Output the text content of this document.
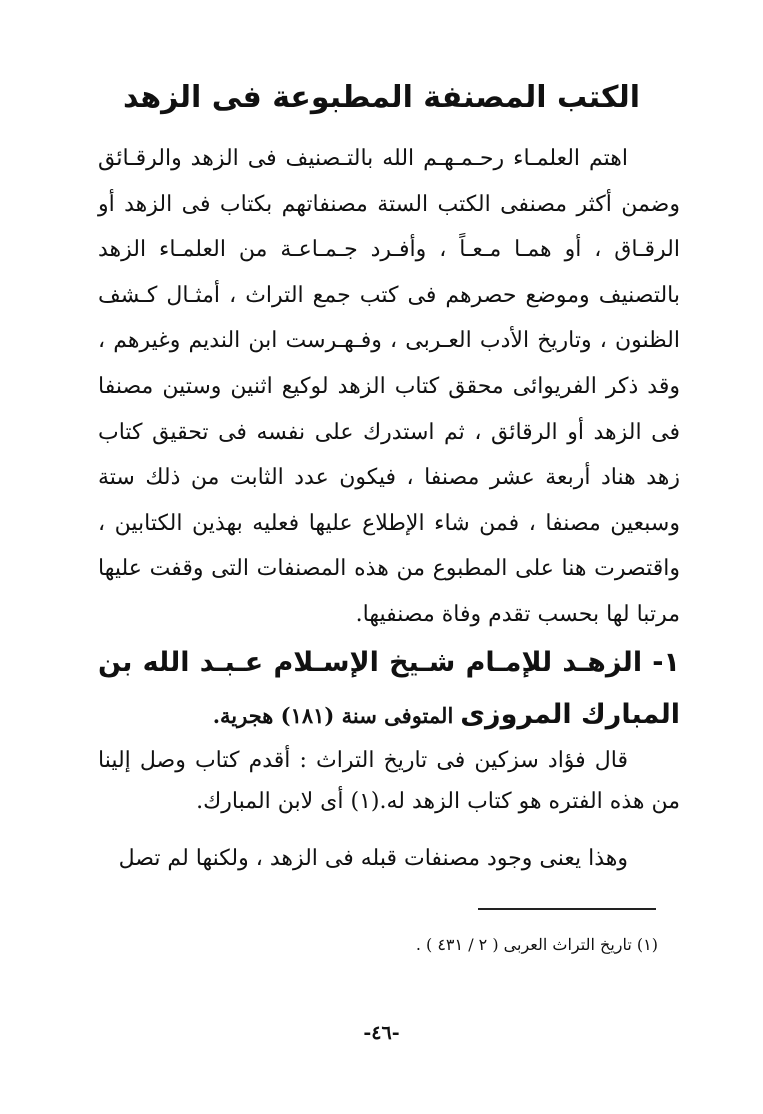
الكتب المصنفة المطبوعة فى الزهد

اهتم العلمـاء رحـمـهـم الله بالتـصنيف فى الزهد والرقـائق وضمن أكثر مصنفى الكتب الستة مصنفاتهم بكتاب فى الزهد أو الرقـاق ، أو همـا مـعـاً ، وأفـرد جـمـاعـة من العلمـاء الزهد بالتصنيف وموضع حصرهم فى كتب جمع التراث ، أمثـال كـشف الظنون ، وتاريخ الأدب العـربى ، وفـهـرست ابن النديم وغيرهم ، وقد ذكر الفريوائى محقق كتاب الزهد لوكيع اثنين وستين مصنفا فى الزهد أو الرقائق ، ثم استدرك على نفسه فى تحقيق كتاب زهد هناد أربعة عشر مصنفا ، فيكون عدد الثابت من ذلك ستة وسبعين مصنفا ، فمن شاء الإطلاع عليها فعليه بهذين الكتابين ، واقتصرت هنا على المطبوع من هذه المصنفات التى وقفت عليها مرتبا لها بحسب تقدم وفاة مصنفيها.

١- الزهـد للإمـام شـيخ الإسـلام عـبـد الله بن المبارك المروزى المتوفى سنة (١٨١) هجرية.

قال فؤاد سزكين فى تاريخ التراث : أقدم كتاب وصل إلينا من هذه الفتره هو كتاب الزهد له.(١) أى لابن المبارك.

وهذا يعنى وجود مصنفات قبله فى الزهد ، ولكنها لم تصل

(١) تاريخ التراث العربى ( ٢ / ٤٣١ ) .
-٤٦-
